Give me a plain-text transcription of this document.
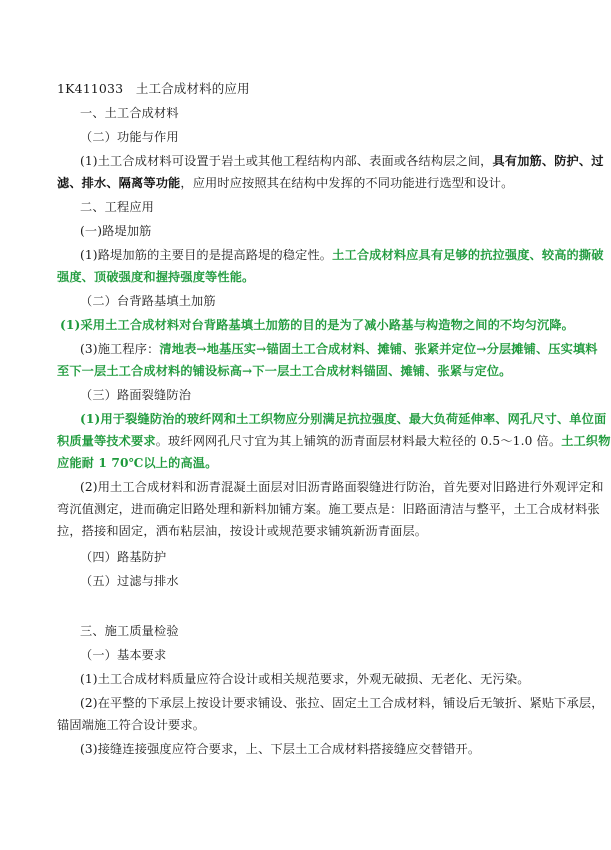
1K411033　土工合成材料的应用
一、土工合成材料
（二）功能与作用
(1)土工合成材料可设置于岩土或其他工程结构内部、表面或各结构层之间，具有加筋、防护、过
滤、排水、隔离等功能，应用时应按照其在结构中发挥的不同功能进行选型和设计。
二、工程应用
(一)路堤加筋
(1)路堤加筋的主要目的是提高路堤的稳定性。土工合成材料应具有足够的抗拉强度、较高的撕破
强度、顶破强度和握持强度等性能。
（二）台背路基填土加筋
(1)采用土工合成材料对台背路基填土加筋的目的是为了减小路基与构造物之间的不均匀沉降。
(3)施工程序：清地表→地基压实→锚固土工合成材料、摊铺、张紧并定位→分层摊铺、压实填料
至下一层土工合成材料的铺设标高→下一层土工合成材料锚固、摊铺、张紧与定位。
（三）路面裂缝防治
(1)用于裂缝防治的玻纤网和土工织物应分别满足抗拉强度、最大负荷延伸率、网孔尺寸、单位面
积质量等技术要求。玻纤网网孔尺寸宜为其上铺筑的沥青面层材料最大粒径的 0.5～1.0 倍。土工织物
应能耐 1 70℃以上的高温。
(2)用土工合成材料和沥青混凝土面层对旧沥青路面裂缝进行防治，首先要对旧路进行外观评定和
弯沉值测定，进而确定旧路处理和新料加铺方案。施工要点是：旧路面清洁与整平，土工合成材料张
拉，搭接和固定，洒布粘层油，按设计或规范要求铺筑新沥青面层。
（四）路基防护
（五）过滤与排水
三、施工质量检验
（一）基本要求
(1)土工合成材料质量应符合设计或相关规范要求，外观无破损、无老化、无污染。
(2)在平整的下承层上按设计要求铺设、张拉、固定土工合成材料，铺设后无皱折、紧贴下承层，
锚固端施工符合设计要求。
(3)接缝连接强度应符合要求，上、下层土工合成材料搭接缝应交替错开。
